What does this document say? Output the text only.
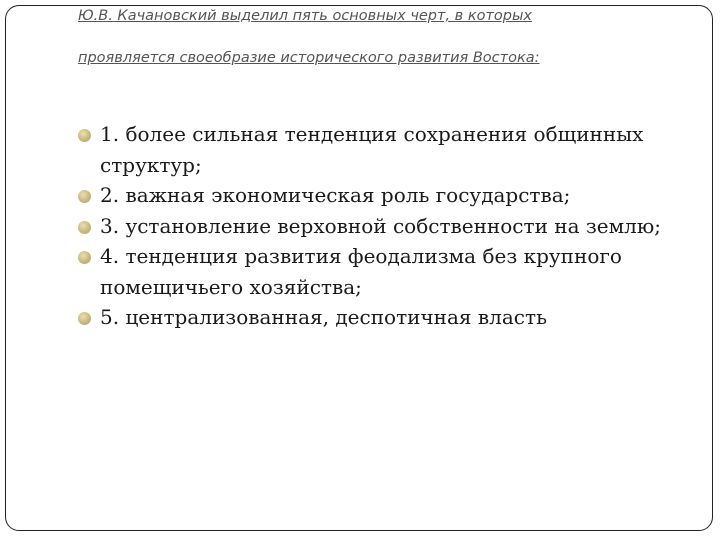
Ю.В. Качановский выделил пять основных черт, в которых
проявляется своеобразие исторического развития Востока:
1. более сильная тенденция сохранения общинных структур;
2. важная экономическая роль государства;
3. установление верховной собственности на землю;
4. тенденция развития феодализма без крупного помещичьего хозяйства;
5. централизованная, деспотичная власть
